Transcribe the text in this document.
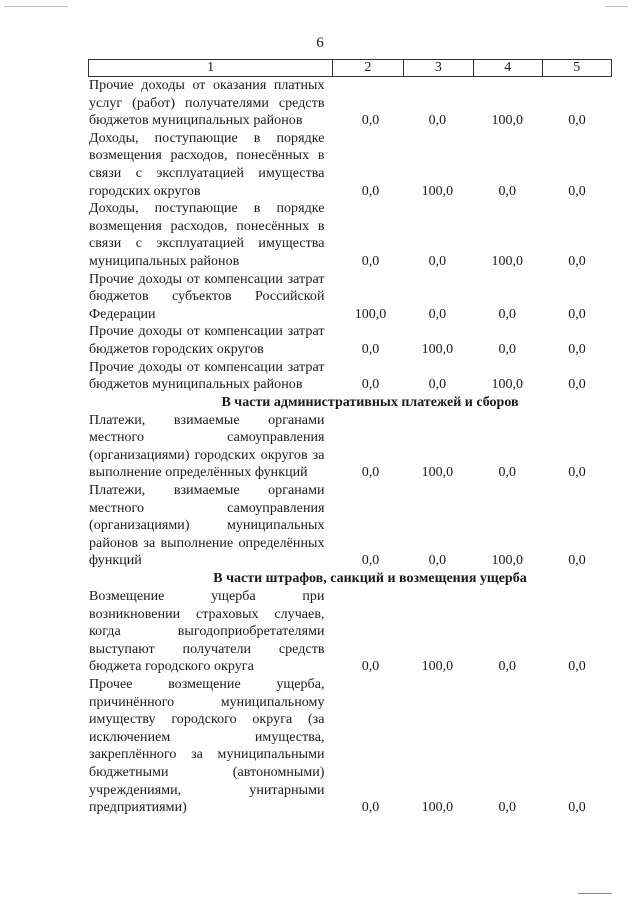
6
1	2	3	4	5
Прочие доходы от оказания платных услуг (работ) получателями средств бюджетов муниципальных районов	0,0	0,0	100,0	0,0
Доходы, поступающие в порядке возмещения расходов, понесённых в связи с эксплуатацией имущества городских округов	0,0	100,0	0,0	0,0
Доходы, поступающие в порядке возмещения расходов, понесённых в связи с эксплуатацией имущества муниципальных районов	0,0	0,0	100,0	0,0
Прочие доходы от компенсации затрат бюджетов субъектов Российской Федерации	100,0	0,0	0,0	0,0
Прочие доходы от компенсации затрат бюджетов городских округов	0,0	100,0	0,0	0,0
Прочие доходы от компенсации затрат бюджетов муниципальных районов	0,0	0,0	100,0	0,0
В части административных платежей и сборов
Платежи, взимаемые органами местного самоуправления (организациями) городских округов за выполнение определённых функций	0,0	100,0	0,0	0,0
Платежи, взимаемые органами местного самоуправления (организациями) муниципальных районов за выполнение определённых функций	0,0	0,0	100,0	0,0
В части штрафов, санкций и возмещения ущерба
Возмещение ущерба при возникновении страховых случаев, когда выгодоприобретателями выступают получатели средств бюджета городского округа	0,0	100,0	0,0	0,0
Прочее возмещение ущерба, причинённого муниципальному имуществу городского округа (за исключением имущества, закреплённого за муниципальными бюджетными (автономными) учреждениями, унитарными предприятиями)	0,0	100,0	0,0	0,0
